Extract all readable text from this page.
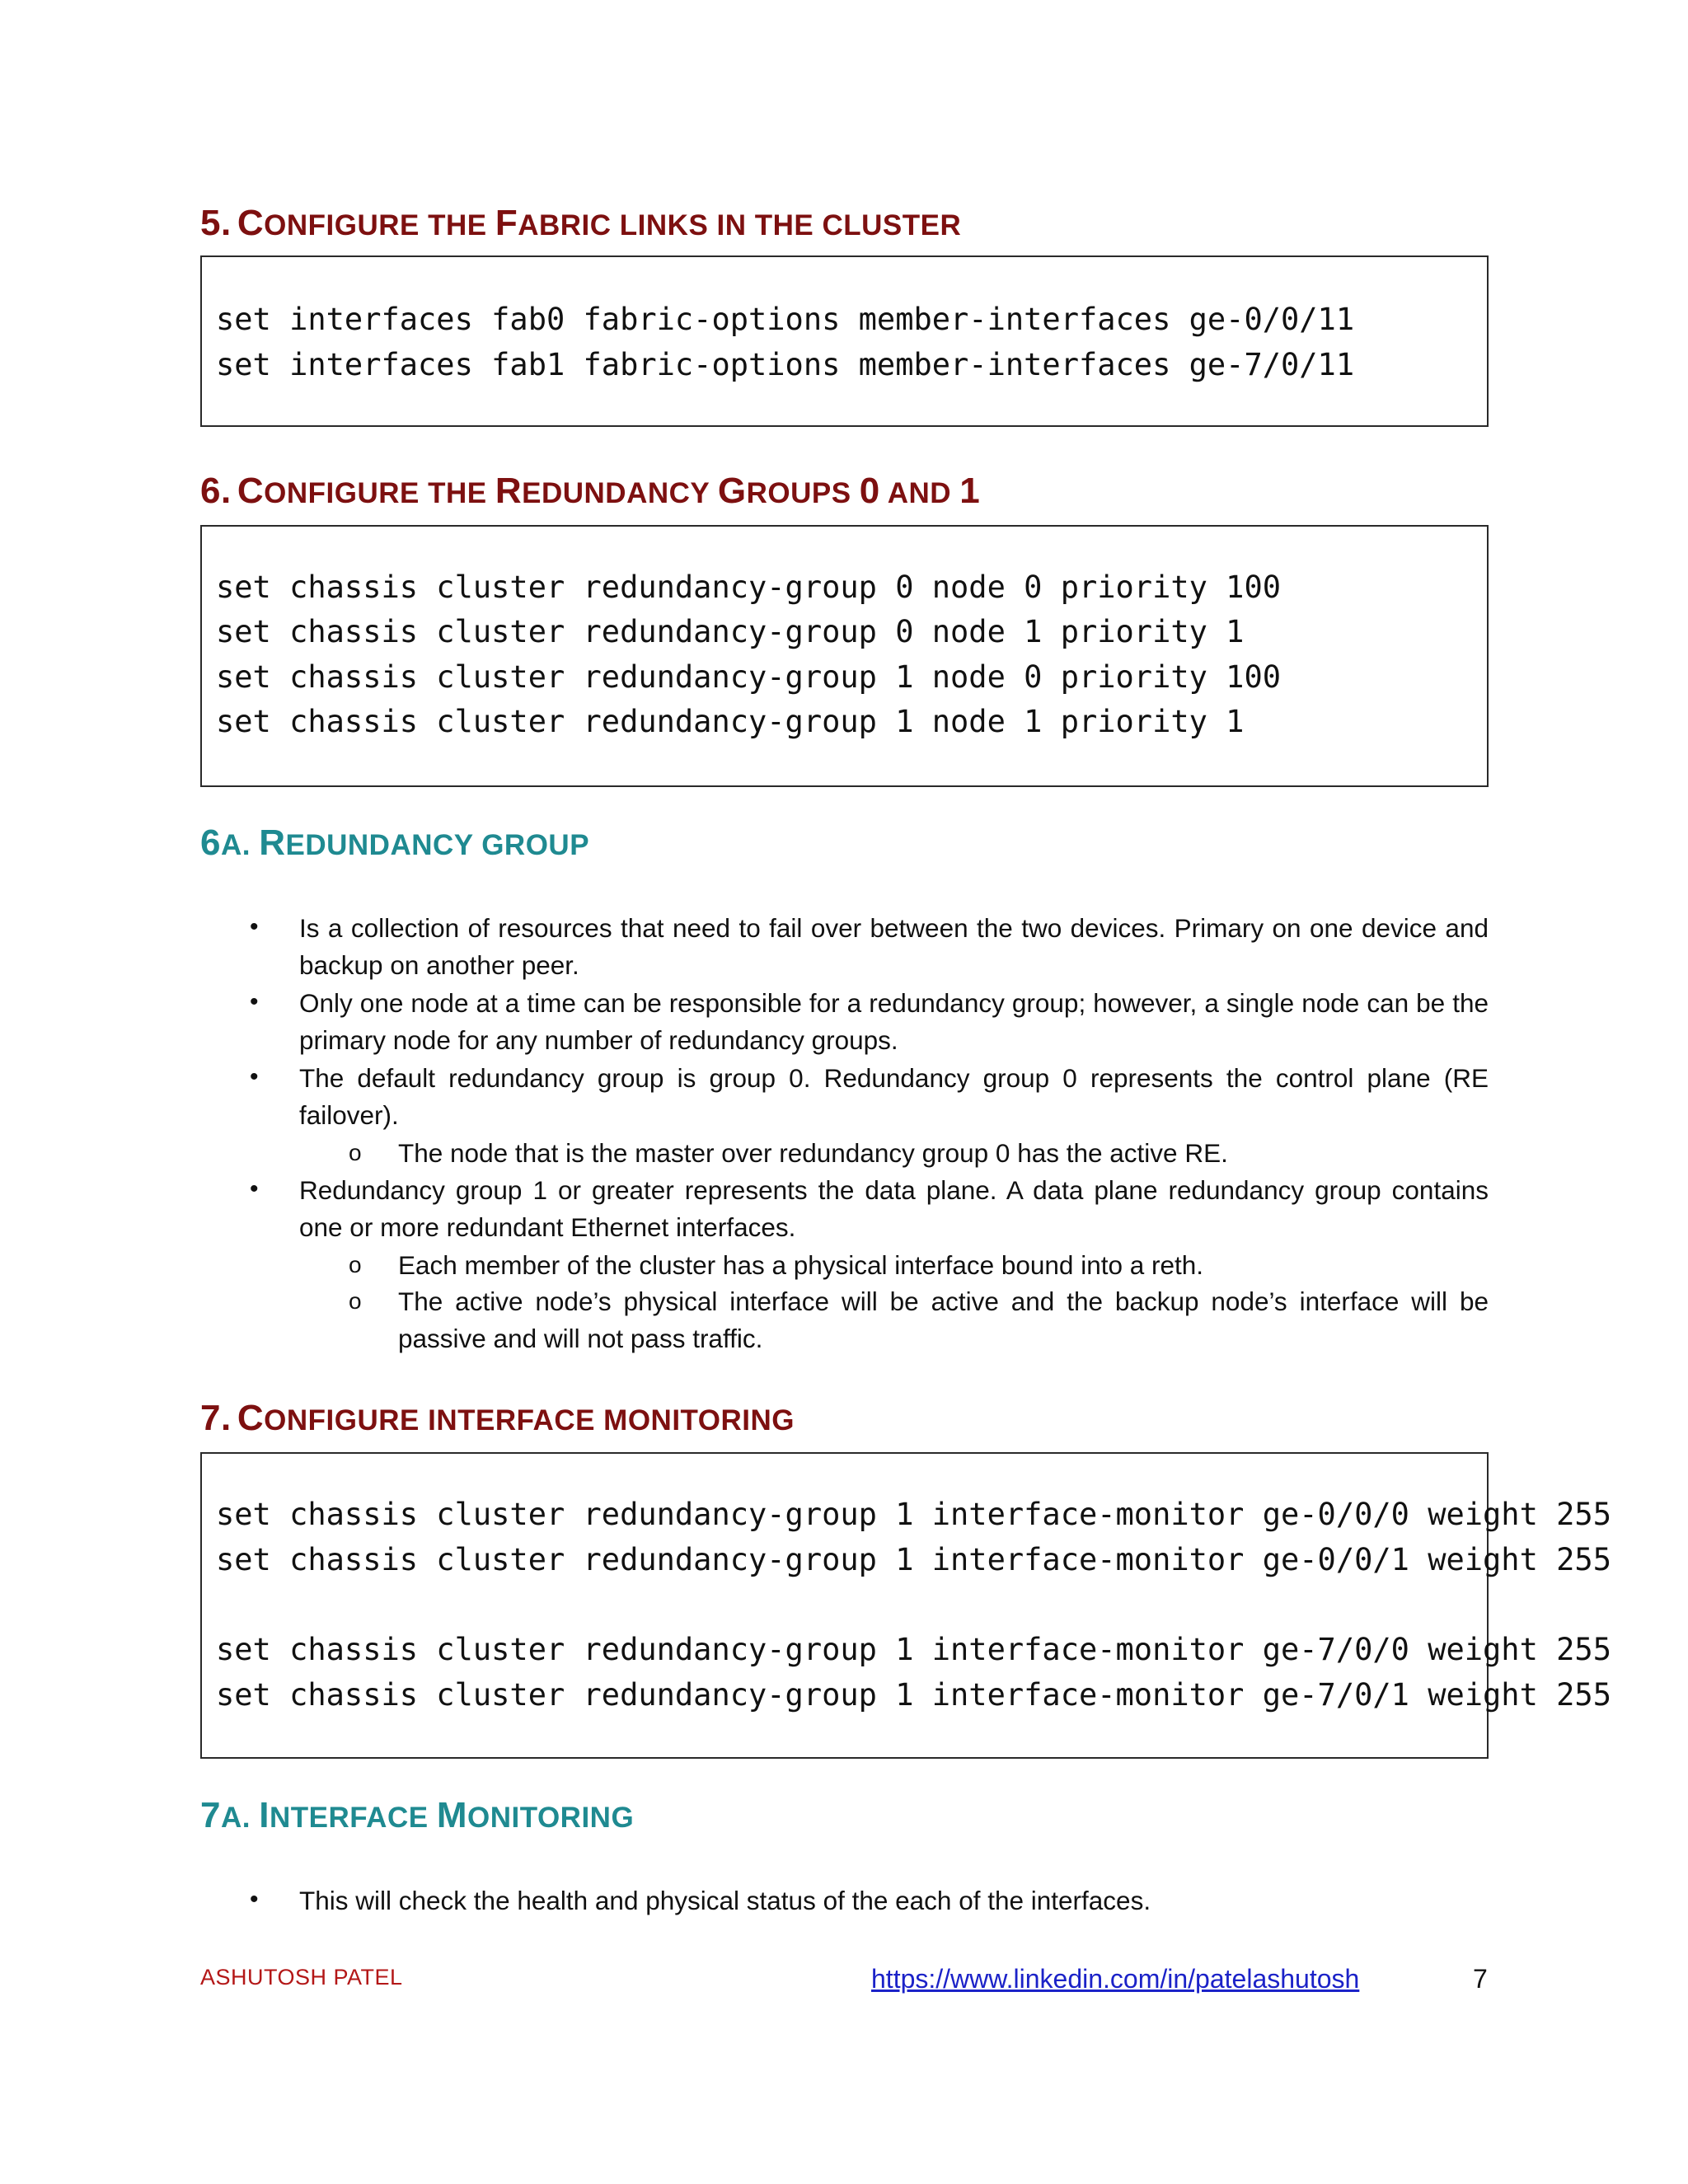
5. CONFIGURE THE FABRIC LINKS IN THE CLUSTER
set interfaces fab0 fabric-options member-interfaces ge-0/0/11
set interfaces fab1 fabric-options member-interfaces ge-7/0/11
6. CONFIGURE THE REDUNDANCY GROUPS 0 AND 1
set chassis cluster redundancy-group 0 node 0 priority 100
set chassis cluster redundancy-group 0 node 1 priority 1
set chassis cluster redundancy-group 1 node 0 priority 100
set chassis cluster redundancy-group 1 node 1 priority 1
6A. REDUNDANCY GROUP
• Is a collection of resources that need to fail over between the two devices. Primary on one device and backup on another peer.
• Only one node at a time can be responsible for a redundancy group; however, a single node can be the primary node for any number of redundancy groups.
• The default redundancy group is group 0. Redundancy group 0 represents the control plane (RE failover).
o The node that is the master over redundancy group 0 has the active RE.
• Redundancy group 1 or greater represents the data plane. A data plane redundancy group contains one or more redundant Ethernet interfaces.
o Each member of the cluster has a physical interface bound into a reth.
o The active node’s physical interface will be active and the backup node’s interface will be passive and will not pass traffic.
7. CONFIGURE INTERFACE MONITORING
set chassis cluster redundancy-group 1 interface-monitor ge-0/0/0 weight 255
set chassis cluster redundancy-group 1 interface-monitor ge-0/0/1 weight 255
set chassis cluster redundancy-group 1 interface-monitor ge-7/0/0 weight 255
set chassis cluster redundancy-group 1 interface-monitor ge-7/0/1 weight 255
7A. INTERFACE MONITORING
• This will check the health and physical status of the each of the interfaces.
ASHUTOSH PATEL	https://www.linkedin.com/in/patelashutosh	7
